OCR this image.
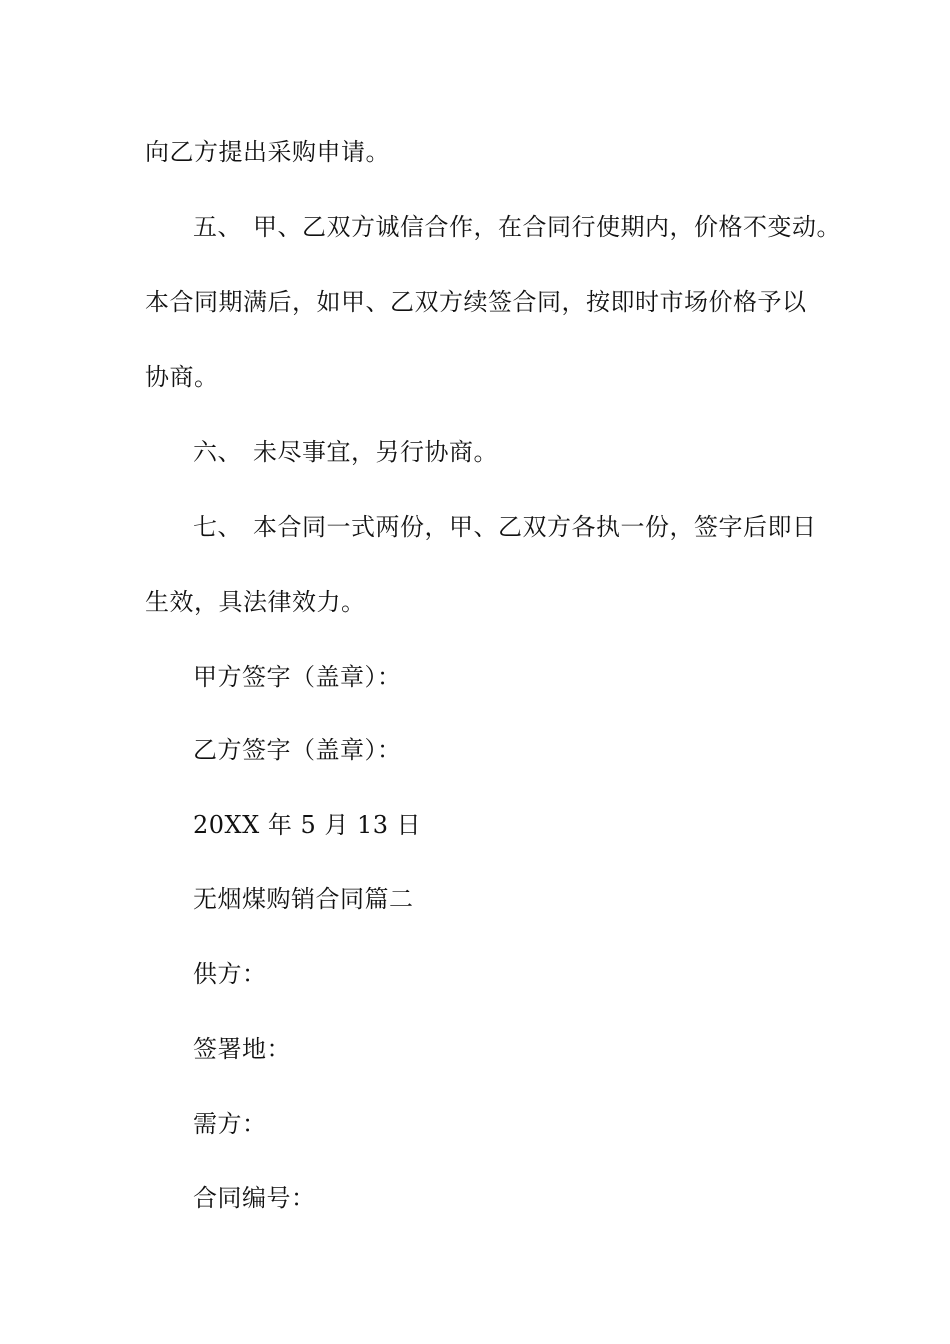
向乙方提出采购申请。
五、 甲、乙双方诚信合作，在合同行使期内，价格不变动。
本合同期满后，如甲、乙双方续签合同，按即时市场价格予以
协商。
六、 未尽事宜，另行协商。
七、 本合同一式两份，甲、乙双方各执一份，签字后即日
生效，具法律效力。
甲方签字（盖章）：
乙方签字（盖章）：
20XX 年 5 月 13 日
无烟煤购销合同篇二
供方：
签署地：
需方：
合同编号：
